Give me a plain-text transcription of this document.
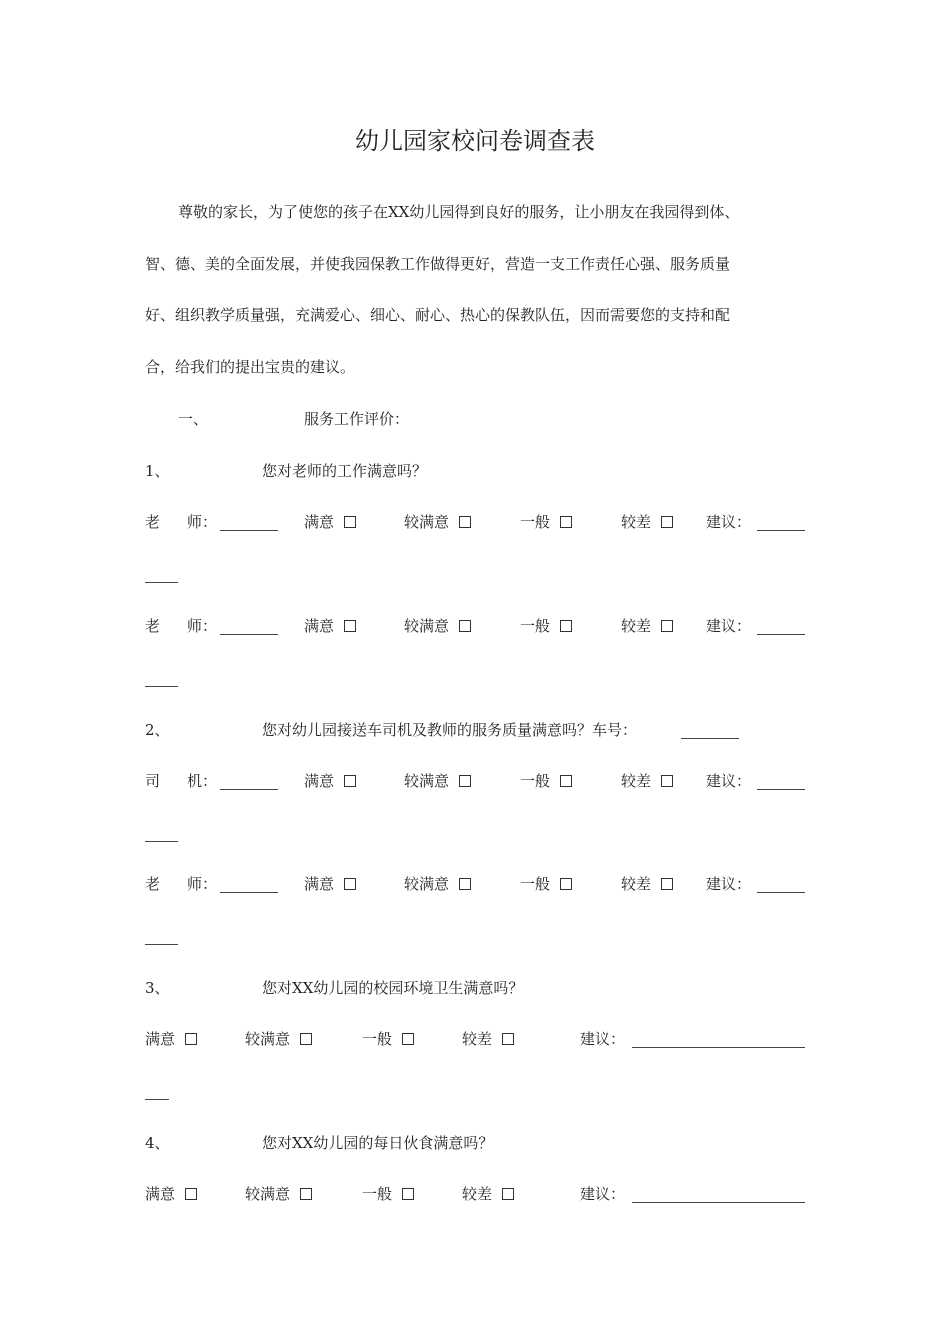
幼儿园家校问卷调查表
尊敬的家长，为了使您的孩子在XX幼儿园得到良好的服务，让小朋友在我园得到体、
智、德、美的全面发展，并使我园保教工作做得更好，营造一支工作责任心强、服务质量
好、组织教学质量强，充满爱心、细心、耐心、热心的保教队伍，因而需要您的支持和配
合，给我们的提出宝贵的建议。
一、	服务工作评价：
1、	您对老师的工作满意吗？
老 师：	满意	较满意	一般	较差	建议：
老 师：	满意	较满意	一般	较差	建议：
2、	您对幼儿园接送车司机及教师的服务质量满意吗？车号：
司 机：	满意	较满意	一般	较差	建议：
老 师：	满意	较满意	一般	较差	建议：
3、	您对XX幼儿园的校园环境卫生满意吗？
满意	较满意	一般	较差	建议：
4、	您对XX幼儿园的每日伙食满意吗？
满意	较满意	一般	较差	建议：
